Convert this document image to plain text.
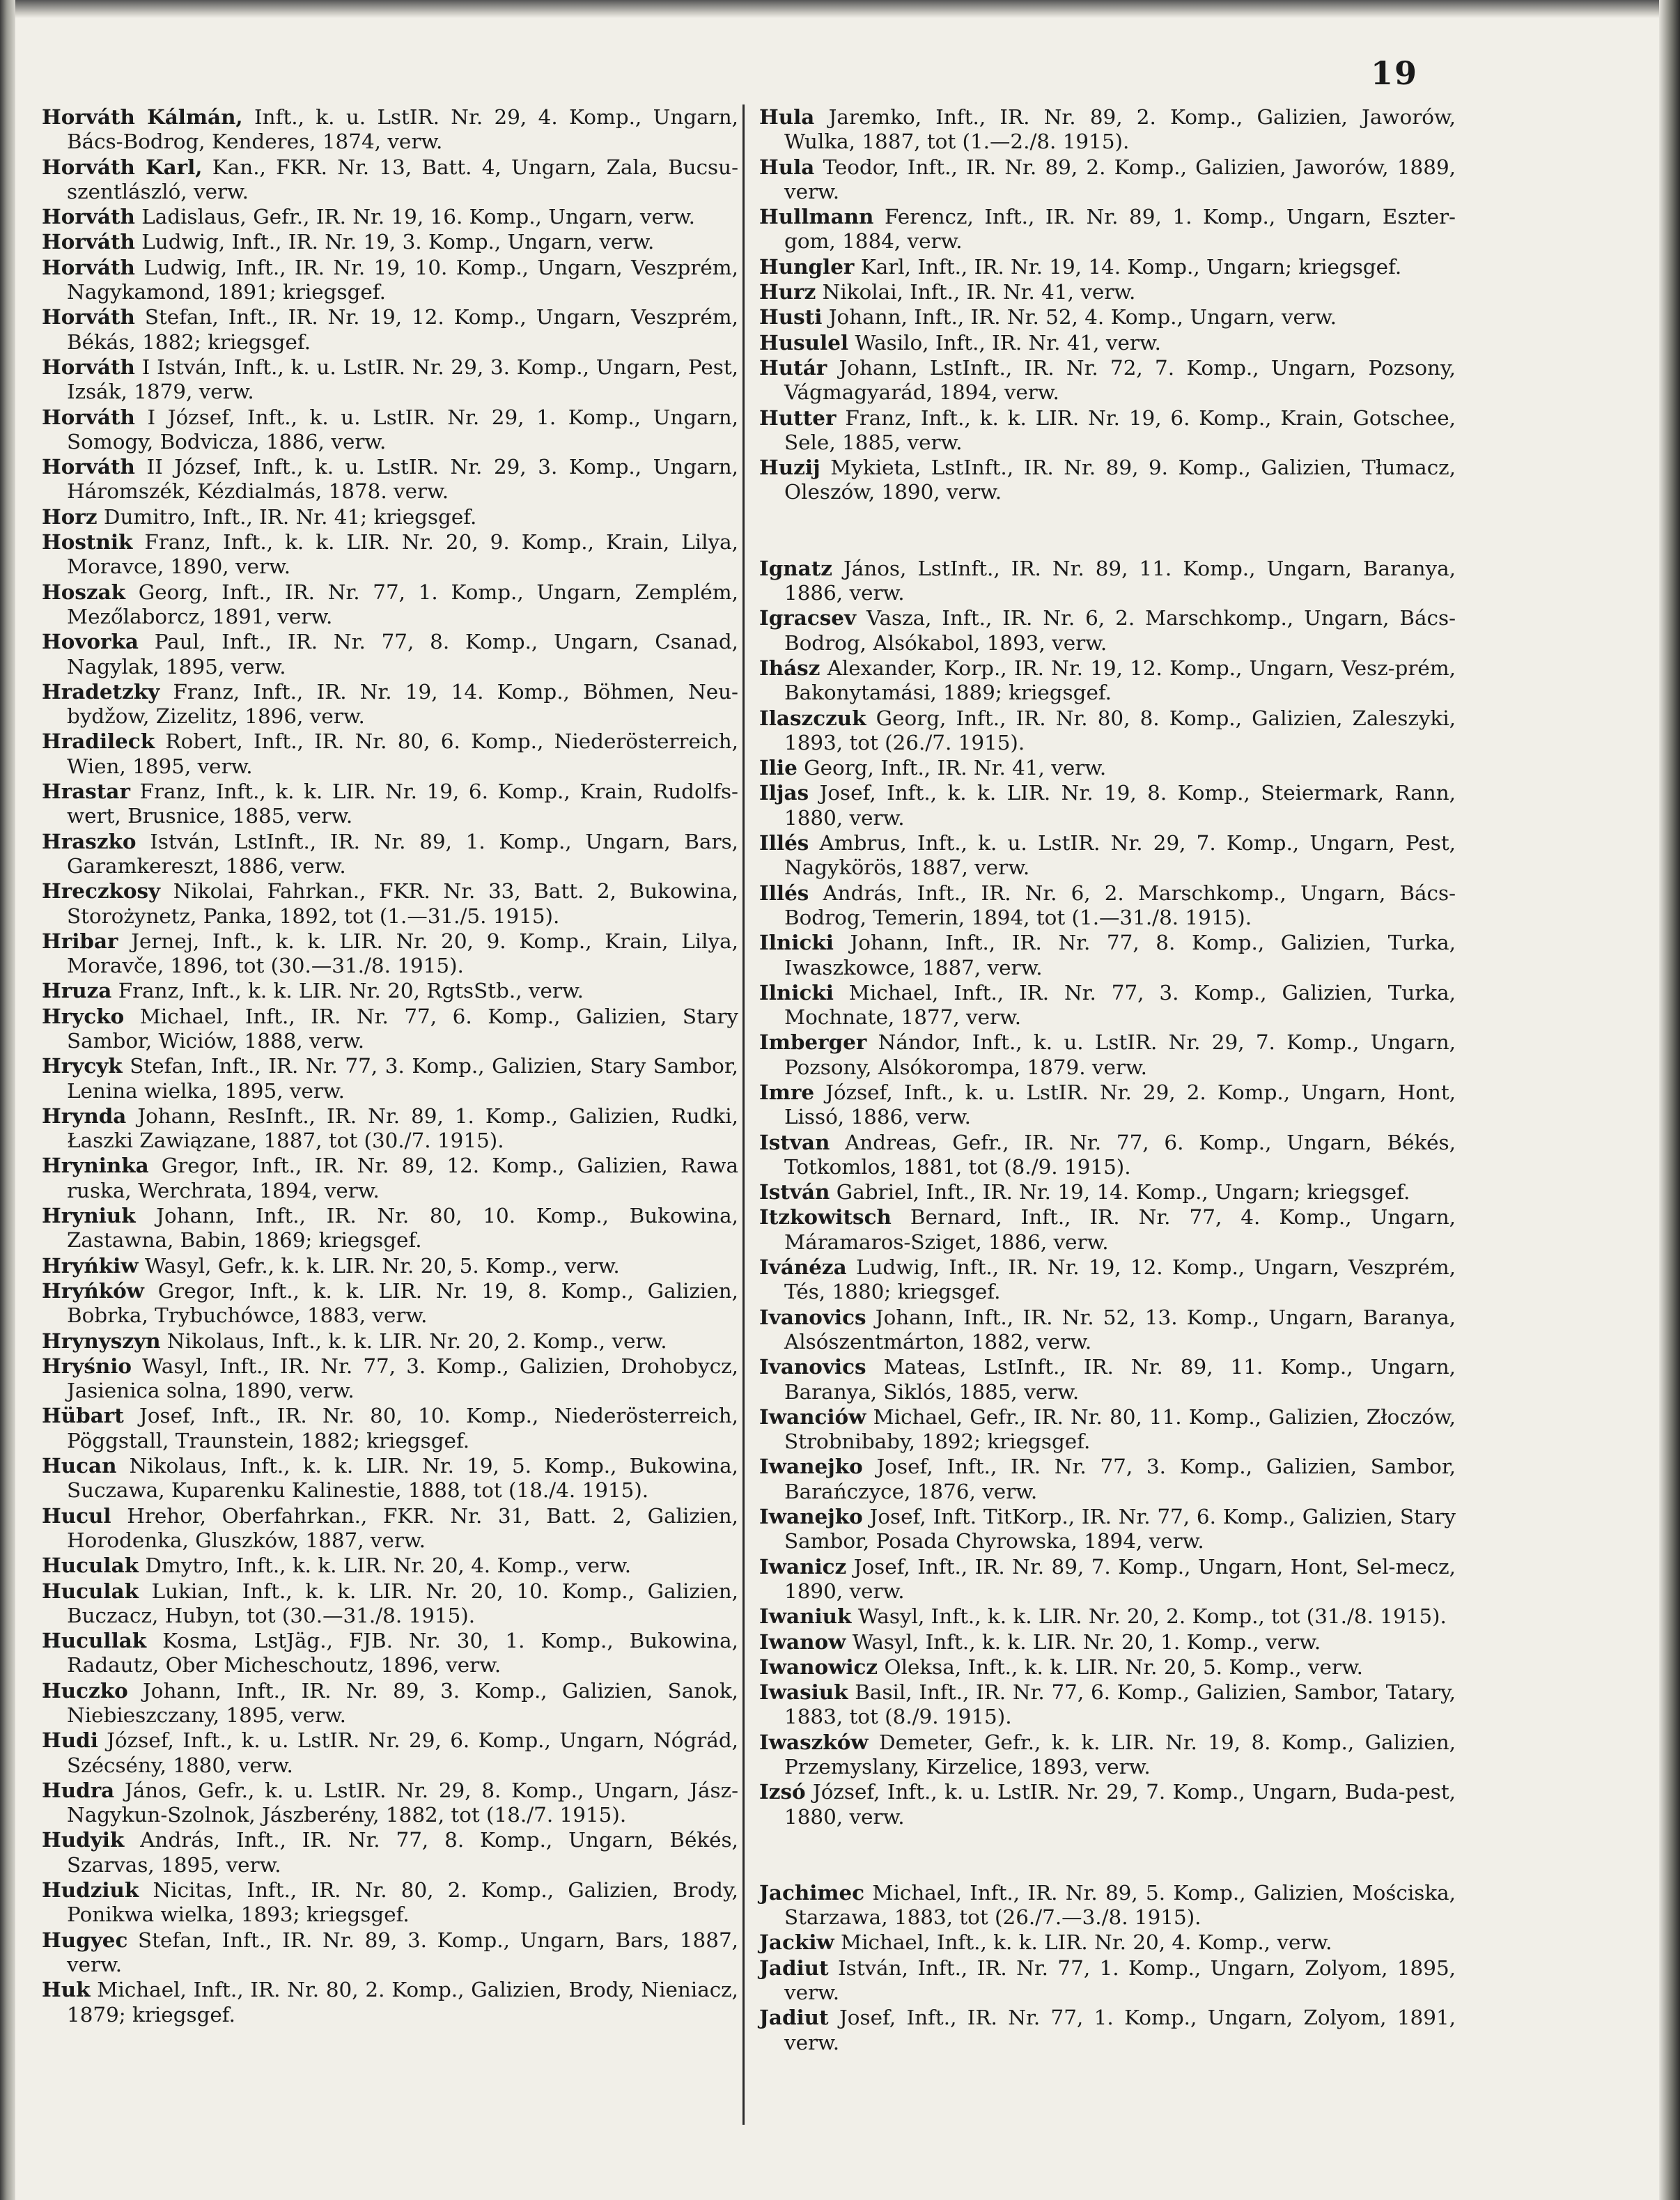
19

Horváth Kálmán, Inft., k. u. LstIR. Nr. 29, 4. Komp., Ungarn, Bács-Bodrog, Kenderes, 1874, verw.

Horváth Karl, Kan., FKR. Nr. 13, Batt. 4, Ungarn, Zala, Bucsu-szentlászló, verw.

Horváth Ladislaus, Gefr., IR. Nr. 19, 16. Komp., Ungarn, verw.

Horváth Ludwig, Inft., IR. Nr. 19, 3. Komp., Ungarn, verw.

Horváth Ludwig, Inft., IR. Nr. 19, 10. Komp., Ungarn, Veszprém, Nagykamond, 1891; kriegsgef.

Horváth Stefan, Inft., IR. Nr. 19, 12. Komp., Ungarn, Veszprém, Békás, 1882; kriegsgef.

Horváth I István, Inft., k. u. LstIR. Nr. 29, 3. Komp., Ungarn, Pest, Izsák, 1879, verw.

Horváth I József, Inft., k. u. LstIR. Nr. 29, 1. Komp., Ungarn, Somogy, Bodvicza, 1886, verw.

Horváth II József, Inft., k. u. LstIR. Nr. 29, 3. Komp., Ungarn, Háromszék, Kézdialmás, 1878. verw.

Horz Dumitro, Inft., IR. Nr. 41; kriegsgef.

Hostnik Franz, Inft., k. k. LIR. Nr. 20, 9. Komp., Krain, Lilya, Moravce, 1890, verw.

Hoszak Georg, Inft., IR. Nr. 77, 1. Komp., Ungarn, Zemplém, Mezőlaborcz, 1891, verw.

Hovorka Paul, Inft., IR. Nr. 77, 8. Komp., Ungarn, Csanad, Nagylak, 1895, verw.

Hradetzky Franz, Inft., IR. Nr. 19, 14. Komp., Böhmen, Neu-bydžow, Zizelitz, 1896, verw.

Hradileck Robert, Inft., IR. Nr. 80, 6. Komp., Niederösterreich, Wien, 1895, verw.

Hrastar Franz, Inft., k. k. LIR. Nr. 19, 6. Komp., Krain, Rudolfs-wert, Brusnice, 1885, verw.

Hraszko István, LstInft., IR. Nr. 89, 1. Komp., Ungarn, Bars, Garamkereszt, 1886, verw.

Hreczkosy Nikolai, Fahrkan., FKR. Nr. 33, Batt. 2, Bukowina, Storożynetz, Panka, 1892, tot (1.—31./5. 1915).

Hribar Jernej, Inft., k. k. LIR. Nr. 20, 9. Komp., Krain, Lilya, Moravče, 1896, tot (30.—31./8. 1915).

Hruza Franz, Inft., k. k. LIR. Nr. 20, RgtsStb., verw.

Hrycko Michael, Inft., IR. Nr. 77, 6. Komp., Galizien, Stary Sambor, Wiciów, 1888, verw.

Hrycyk Stefan, Inft., IR. Nr. 77, 3. Komp., Galizien, Stary Sambor, Lenina wielka, 1895, verw.

Hrynda Johann, ResInft., IR. Nr. 89, 1. Komp., Galizien, Rudki, Łaszki Zawiązane, 1887, tot (30./7. 1915).

Hryninka Gregor, Inft., IR. Nr. 89, 12. Komp., Galizien, Rawa ruska, Werchrata, 1894, verw.

Hryniuk Johann, Inft., IR. Nr. 80, 10. Komp., Bukowina, Zastawna, Babin, 1869; kriegsgef.

Hryńkiw Wasyl, Gefr., k. k. LIR. Nr. 20, 5. Komp., verw.

Hryńków Gregor, Inft., k. k. LIR. Nr. 19, 8. Komp., Galizien, Bobrka, Trybuchówce, 1883, verw.

Hrynyszyn Nikolaus, Inft., k. k. LIR. Nr. 20, 2. Komp., verw.

Hryśnio Wasyl, Inft., IR. Nr. 77, 3. Komp., Galizien, Drohobycz, Jasienica solna, 1890, verw.

Hübart Josef, Inft., IR. Nr. 80, 10. Komp., Niederösterreich, Pöggstall, Traunstein, 1882; kriegsgef.

Hucan Nikolaus, Inft., k. k. LIR. Nr. 19, 5. Komp., Bukowina, Suczawa, Kuparenku Kalinestie, 1888, tot (18./4. 1915).

Hucul Hrehor, Oberfahrkan., FKR. Nr. 31, Batt. 2, Galizien, Horodenka, Gluszków, 1887, verw.

Huculak Dmytro, Inft., k. k. LIR. Nr. 20, 4. Komp., verw.

Huculak Lukian, Inft., k. k. LIR. Nr. 20, 10. Komp., Galizien, Buczacz, Hubyn, tot (30.—31./8. 1915).

Hucullak Kosma, LstJäg., FJB. Nr. 30, 1. Komp., Bukowina, Radautz, Ober Micheschoutz, 1896, verw.

Huczko Johann, Inft., IR. Nr. 89, 3. Komp., Galizien, Sanok, Niebieszczany, 1895, verw.

Hudi József, Inft., k. u. LstIR. Nr. 29, 6. Komp., Ungarn, Nógrád, Szécsény, 1880, verw.

Hudra János, Gefr., k. u. LstIR. Nr. 29, 8. Komp., Ungarn, Jász-Nagykun-Szolnok, Jászberény, 1882, tot (18./7. 1915).

Hudyik András, Inft., IR. Nr. 77, 8. Komp., Ungarn, Békés, Szarvas, 1895, verw.

Hudziuk Nicitas, Inft., IR. Nr. 80, 2. Komp., Galizien, Brody, Ponikwa wielka, 1893; kriegsgef.

Hugyec Stefan, Inft., IR. Nr. 89, 3. Komp., Ungarn, Bars, 1887, verw.

Huk Michael, Inft., IR. Nr. 80, 2. Komp., Galizien, Brody, Nieniacz, 1879; kriegsgef.

Hula Jaremko, Inft., IR. Nr. 89, 2. Komp., Galizien, Jaworów, Wulka, 1887, tot (1.—2./8. 1915).

Hula Teodor, Inft., IR. Nr. 89, 2. Komp., Galizien, Jaworów, 1889, verw.

Hullmann Ferencz, Inft., IR. Nr. 89, 1. Komp., Ungarn, Eszter-gom, 1884, verw.

Hungler Karl, Inft., IR. Nr. 19, 14. Komp., Ungarn; kriegsgef.

Hurz Nikolai, Inft., IR. Nr. 41, verw.

Husti Johann, Inft., IR. Nr. 52, 4. Komp., Ungarn, verw.

Husulel Wasilo, Inft., IR. Nr. 41, verw.

Hutár Johann, LstInft., IR. Nr. 72, 7. Komp., Ungarn, Pozsony, Vágmagyarád, 1894, verw.

Hutter Franz, Inft., k. k. LIR. Nr. 19, 6. Komp., Krain, Gotschee, Sele, 1885, verw.

Huzij Mykieta, LstInft., IR. Nr. 89, 9. Komp., Galizien, Tłumacz, Oleszów, 1890, verw.

Ignatz János, LstInft., IR. Nr. 89, 11. Komp., Ungarn, Baranya, 1886, verw.

Igracsev Vasza, Inft., IR. Nr. 6, 2. Marschkomp., Ungarn, Bács-Bodrog, Alsókabol, 1893, verw.

Ihász Alexander, Korp., IR. Nr. 19, 12. Komp., Ungarn, Vesz-prém, Bakonytamási, 1889; kriegsgef.

Ilaszczuk Georg, Inft., IR. Nr. 80, 8. Komp., Galizien, Zaleszyki, 1893, tot (26./7. 1915).

Ilie Georg, Inft., IR. Nr. 41, verw.

Iljas Josef, Inft., k. k. LIR. Nr. 19, 8. Komp., Steiermark, Rann, 1880, verw.

Illés Ambrus, Inft., k. u. LstIR. Nr. 29, 7. Komp., Ungarn, Pest, Nagykörös, 1887, verw.

Illés András, Inft., IR. Nr. 6, 2. Marschkomp., Ungarn, Bács-Bodrog, Temerin, 1894, tot (1.—31./8. 1915).

Ilnicki Johann, Inft., IR. Nr. 77, 8. Komp., Galizien, Turka, Iwaszkowce, 1887, verw.

Ilnicki Michael, Inft., IR. Nr. 77, 3. Komp., Galizien, Turka, Mochnate, 1877, verw.

Imberger Nándor, Inft., k. u. LstIR. Nr. 29, 7. Komp., Ungarn, Pozsony, Alsókorompa, 1879. verw.

Imre József, Inft., k. u. LstIR. Nr. 29, 2. Komp., Ungarn, Hont, Lissó, 1886, verw.

Istvan Andreas, Gefr., IR. Nr. 77, 6. Komp., Ungarn, Békés, Totkomlos, 1881, tot (8./9. 1915).

István Gabriel, Inft., IR. Nr. 19, 14. Komp., Ungarn; kriegsgef.

Itzkowitsch Bernard, Inft., IR. Nr. 77, 4. Komp., Ungarn, Máramaros-Sziget, 1886, verw.

Ivánéza Ludwig, Inft., IR. Nr. 19, 12. Komp., Ungarn, Veszprém, Tés, 1880; kriegsgef.

Ivanovics Johann, Inft., IR. Nr. 52, 13. Komp., Ungarn, Baranya, Alsószentmárton, 1882, verw.

Ivanovics Mateas, LstInft., IR. Nr. 89, 11. Komp., Ungarn, Baranya, Siklós, 1885, verw.

Iwanciów Michael, Gefr., IR. Nr. 80, 11. Komp., Galizien, Złoczów, Strobnibaby, 1892; kriegsgef.

Iwanejko Josef, Inft., IR. Nr. 77, 3. Komp., Galizien, Sambor, Barańczyce, 1876, verw.

Iwanejko Josef, Inft. TitKorp., IR. Nr. 77, 6. Komp., Galizien, Stary Sambor, Posada Chyrowska, 1894, verw.

Iwanicz Josef, Inft., IR. Nr. 89, 7. Komp., Ungarn, Hont, Sel-mecz, 1890, verw.

Iwaniuk Wasyl, Inft., k. k. LIR. Nr. 20, 2. Komp., tot (31./8. 1915).

Iwanow Wasyl, Inft., k. k. LIR. Nr. 20, 1. Komp., verw.

Iwanowicz Oleksa, Inft., k. k. LIR. Nr. 20, 5. Komp., verw.

Iwasiuk Basil, Inft., IR. Nr. 77, 6. Komp., Galizien, Sambor, Tatary, 1883, tot (8./9. 1915).

Iwaszków Demeter, Gefr., k. k. LIR. Nr. 19, 8. Komp., Galizien, Przemyslany, Kirzelice, 1893, verw.

Izsó József, Inft., k. u. LstIR. Nr. 29, 7. Komp., Ungarn, Buda-pest, 1880, verw.

Jachimec Michael, Inft., IR. Nr. 89, 5. Komp., Galizien, Mościska, Starzawa, 1883, tot (26./7.—3./8. 1915).

Jackiw Michael, Inft., k. k. LIR. Nr. 20, 4. Komp., verw.

Jadiut István, Inft., IR. Nr. 77, 1. Komp., Ungarn, Zolyom, 1895, verw.

Jadiut Josef, Inft., IR. Nr. 77, 1. Komp., Ungarn, Zolyom, 1891, verw.
